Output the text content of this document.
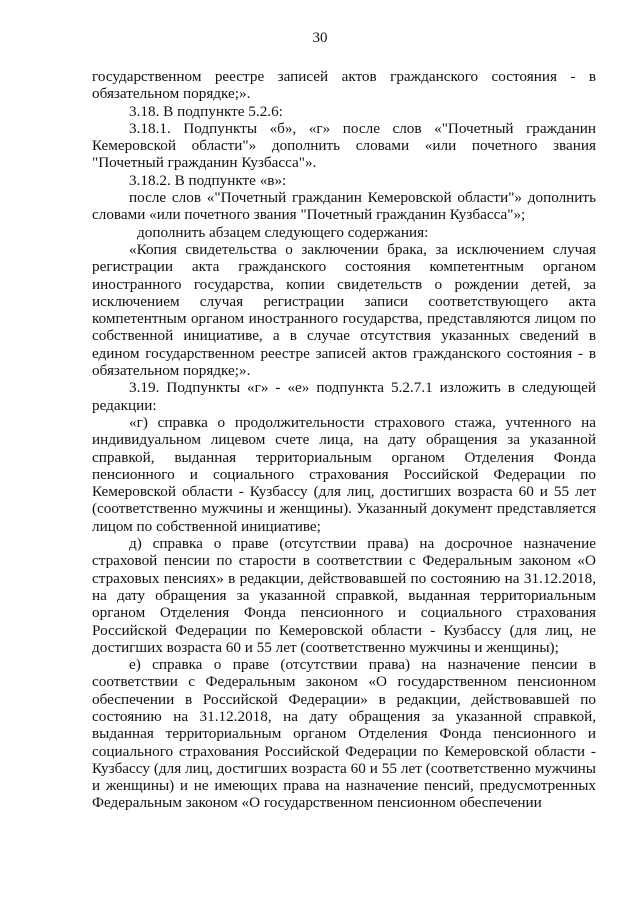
30

государственном реестре записей актов гражданского состояния - в обязательном порядке;».

3.18. В подпункте 5.2.6:

3.18.1. Подпункты «б», «г» после слов «"Почетный гражданин Кемеровской области"» дополнить словами «или почетного звания "Почетный гражданин Кузбасса"».

3.18.2. В подпункте «в»:

после слов «"Почетный гражданин Кемеровской области"» дополнить словами «или почетного звания "Почетный гражданин Кузбасса"»;

дополнить абзацем следующего содержания:

«Копия свидетельства о заключении брака, за исключением случая регистрации акта гражданского состояния компетентным органом иностранного государства, копии свидетельств о рождении детей, за исключением случая регистрации записи соответствующего акта компетентным органом иностранного государства, представляются лицом по собственной инициативе, а в случае отсутствия указанных сведений в едином государственном реестре записей актов гражданского состояния - в обязательном порядке;».

3.19. Подпункты «г» - «е» подпункта 5.2.7.1 изложить в следующей редакции:

«г) справка о продолжительности страхового стажа, учтенного на индивидуальном лицевом счете лица, на дату обращения за указанной справкой, выданная территориальным органом Отделения Фонда пенсионного и социального страхования Российской Федерации по Кемеровской области - Кузбассу (для лиц, достигших возраста 60 и 55 лет (соответственно мужчины и женщины). Указанный документ представляется лицом по собственной инициативе;

д) справка о праве (отсутствии права) на досрочное назначение страховой пенсии по старости в соответствии с Федеральным законом «О страховых пенсиях» в редакции, действовавшей по состоянию на 31.12.2018, на дату обращения за указанной справкой, выданная территориальным органом Отделения Фонда пенсионного и социального страхования Российской Федерации по Кемеровской области - Кузбассу (для лиц, не достигших возраста 60 и 55 лет (соответственно мужчины и женщины);

е) справка о праве (отсутствии права) на назначение пенсии в соответствии с Федеральным законом «О государственном пенсионном обеспечении в Российской Федерации» в редакции, действовавшей по состоянию на 31.12.2018, на дату обращения за указанной справкой, выданная территориальным органом Отделения Фонда пенсионного и социального страхования Российской Федерации по Кемеровской области - Кузбассу (для лиц, достигших возраста 60 и 55 лет (соответственно мужчины и женщины) и не имеющих права на назначение пенсий, предусмотренных Федеральным законом «О государственном пенсионном обеспечении
